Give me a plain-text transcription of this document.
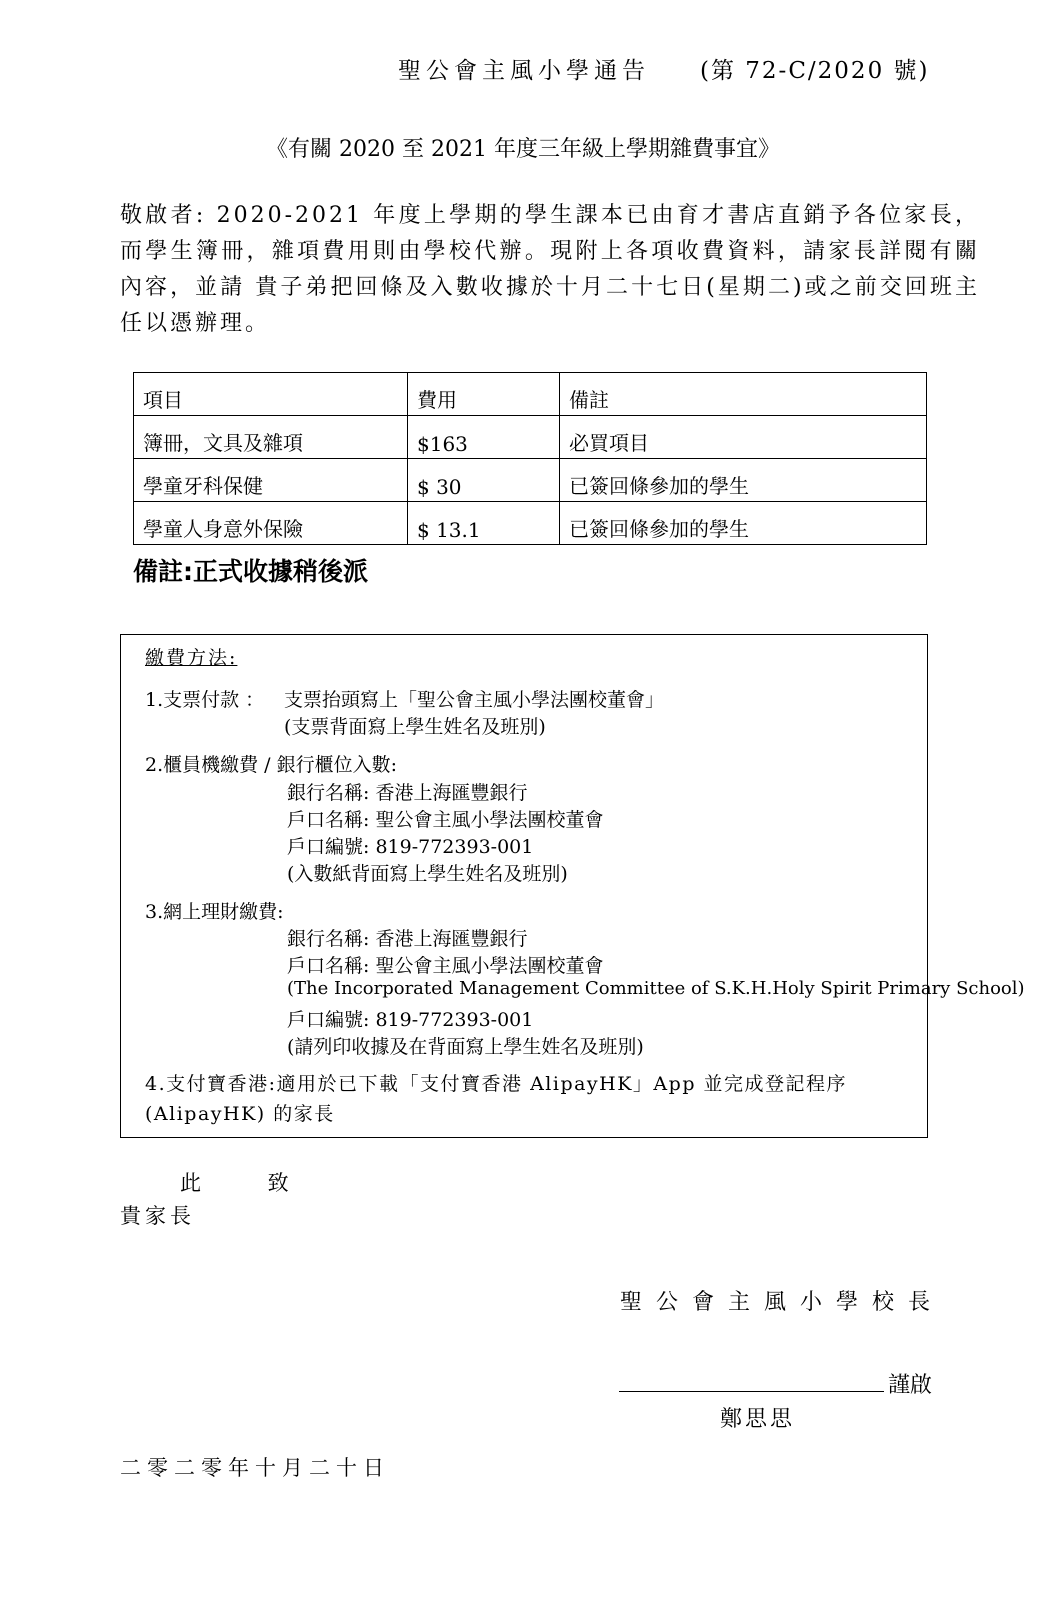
聖公會主風小學通告 (第 72-C/2020 號)
《有關 2020 至 2021 年度三年級上學期雜費事宜》
敬啟者: 2020-2021 年度上學期的學生課本已由育才書店直銷予各位家長，而學生簿冊，雜項費用則由學校代辦。現附上各項收費資料，請家長詳閱有關內容，並請 貴子弟把回條及入數收據於十月二十七日(星期二)或之前交回班主任以憑辦理。
項目	費用	備註
簿冊，文具及雜項	$163	必買項目
學童牙科保健	$ 30	已簽回條參加的學生
學童人身意外保險	$ 13.1	已簽回條參加的學生
備註:正式收據稍後派
繳費方法:
1.支票付款 ： 支票抬頭寫上「聖公會主風小學法團校董會」
(支票背面寫上學生姓名及班別)
2.櫃員機繳費 / 銀行櫃位入數:
銀行名稱: 香港上海匯豐銀行
戶口名稱: 聖公會主風小學法團校董會
戶口編號: 819-772393-001
(入數紙背面寫上學生姓名及班別)
3.網上理財繳費:
銀行名稱: 香港上海匯豐銀行
戶口名稱: 聖公會主風小學法團校董會
(The Incorporated Management Committee of S.K.H.Holy Spirit Primary School)
戶口編號: 819-772393-001
(請列印收據及在背面寫上學生姓名及班別)
4.支付寶香港:適用於已下載「支付寶香港 AlipayHK」App 並完成登記程序 (AlipayHK) 的家長
此 致
貴家長
聖公會主風小學校長
謹啟
鄭思思
二零二零年十月二十日
